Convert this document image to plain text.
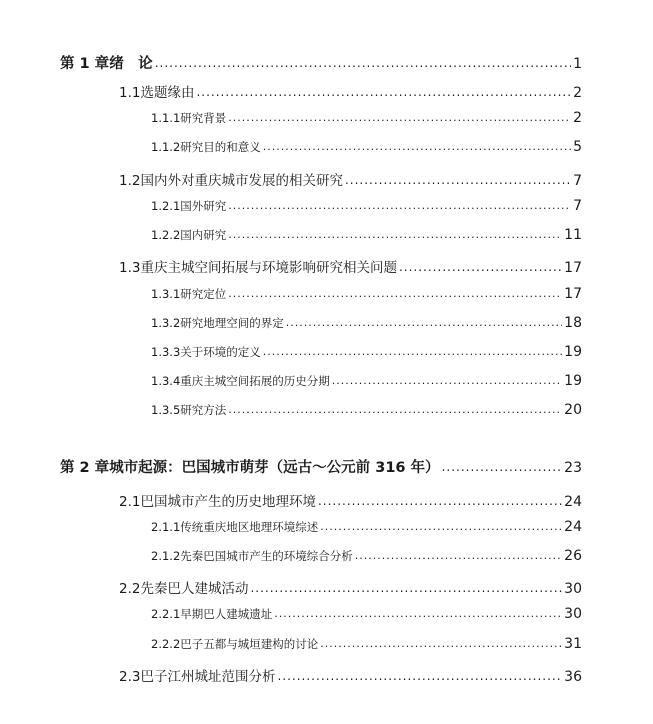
第 1 章 绪　论 .....	1
1.1 选题缘由 .....	2
1.1.1 研究背景 .....	2
1.1.2 研究目的和意义 .....	5
1.2 国内外对重庆城市发展的相关研究 .....	7
1.2.1 国外研究 .....	7
1.2.2 国内研究 .....	11
1.3 重庆主城空间拓展与环境影响研究相关问题 .....	17
1.3.1 研究定位 .....	17
1.3.2 研究地理空间的界定 .....	18
1.3.3 关于环境的定义 .....	19
1.3.4 重庆主城空间拓展的历史分期 .....	19
1.3.5 研究方法 .....	20
第 2 章 城市起源：巴国城市萌芽（远古～公元前 316 年） .....	23
2.1 巴国城市产生的历史地理环境 .....	24
2.1.1 传统重庆地区地理环境综述 .....	24
2.1.2 先秦巴国城市产生的环境综合分析 .....	26
2.2 先秦巴人建城活动 .....	30
2.2.1 早期巴人建城遗址 .....	30
2.2.2 巴子五都与城垣建构的讨论 .....	31
2.3 巴子江州城址范围分析 .....	36
